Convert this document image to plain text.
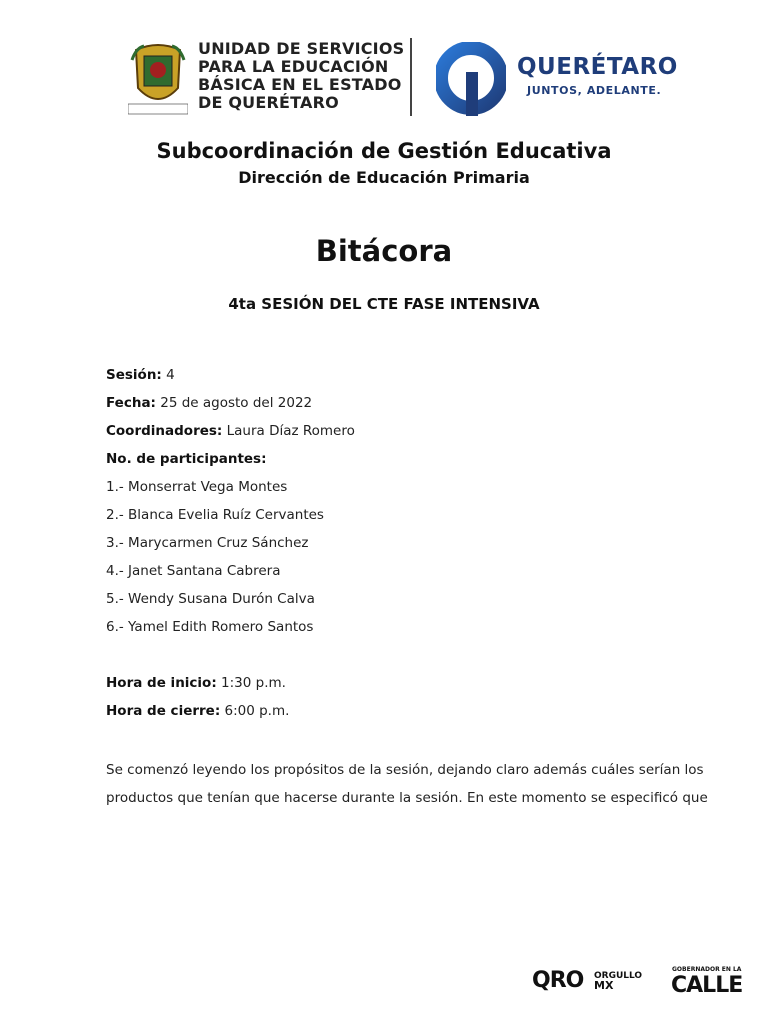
UNIDAD DE SERVICIOS
PARA LA EDUCACIÓN
BÁSICA EN EL ESTADO
DE QUERÉTARO
QUERÉTARO
JUNTOS, ADELANTE.
Subcoordinación de Gestión Educativa
Dirección de Educación Primaria
Bitácora
4ta SESIÓN DEL CTE FASE INTENSIVA
Sesión: 4
Fecha: 25 de agosto del 2022
Coordinadores: Laura Díaz Romero
No. de participantes:
1.- Monserrat Vega Montes
2.- Blanca Evelia Ruíz Cervantes
3.- Marycarmen Cruz Sánchez
4.- Janet Santana Cabrera
5.- Wendy Susana Durón Calva
6.- Yamel Edith Romero Santos
Hora de inicio: 1:30 p.m.
Hora de cierre: 6:00 p.m.
Se comenzó leyendo los propósitos de la sesión, dejando claro además cuáles serían los
productos que tenían que hacerse durante la sesión. En este momento se especificó que
QRO ORGULLO
MX
GOBERNADOR EN LA
CALLE
